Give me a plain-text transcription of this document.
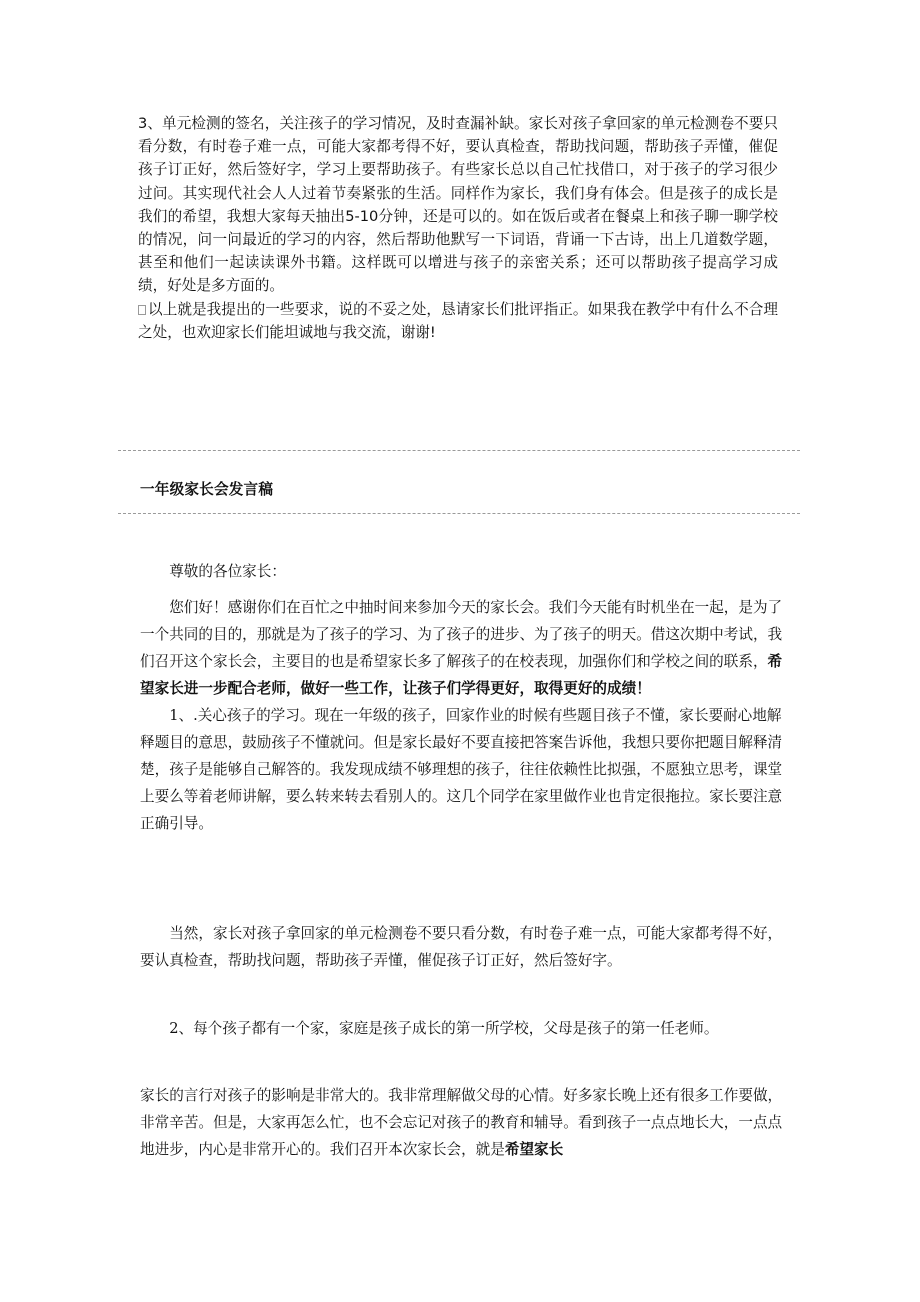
3、单元检测的签名，关注孩子的学习情况，及时查漏补缺。家长对孩子拿回家的单元检测卷不要只看分数，有时卷子难一点，可能大家都考得不好，要认真检查，帮助找问题，帮助孩子弄懂，催促孩子订正好，然后签好字，学习上要帮助孩子。有些家长总以自己忙找借口，对于孩子的学习很少过问。其实现代社会人人过着节奏紧张的生活。同样作为家长，我们身有体会。但是孩子的成长是我们的希望，我想大家每天抽出5-10分钟，还是可以的。如在饭后或者在餐桌上和孩子聊一聊学校的情况，问一问最近的学习的内容，然后帮助他默写一下词语，背诵一下古诗，出上几道数学题，甚至和他们一起读读课外书籍。这样既可以增进与孩子的亲密关系；还可以帮助孩子提高学习成绩，好处是多方面的。

以上就是我提出的一些要求，说的不妥之处，恳请家长们批评指正。如果我在教学中有什么不合理之处，也欢迎家长们能坦诚地与我交流，谢谢!

一年级家长会发言稿

尊敬的各位家长：

您们好！感谢你们在百忙之中抽时间来参加今天的家长会。我们今天能有时机坐在一起，是为了一个共同的目的，那就是为了孩子的学习、为了孩子的进步、为了孩子的明天。借这次期中考试，我们召开这个家长会，主要目的也是希望家长多了解孩子的在校表现，加强你们和学校之间的联系，希望家长进一步配合老师，做好一些工作，让孩子们学得更好，取得更好的成绩！

1、.关心孩子的学习。现在一年级的孩子，回家作业的时候有些题目孩子不懂，家长要耐心地解释题目的意思，鼓励孩子不懂就问。但是家长最好不要直接把答案告诉他，我想只要你把题目解释清楚，孩子是能够自己解答的。我发现成绩不够理想的孩子，往往依赖性比拟强，不愿独立思考，课堂上要么等着老师讲解，要么转来转去看别人的。这几个同学在家里做作业也肯定很拖拉。家长要注意正确引导。

当然，家长对孩子拿回家的单元检测卷不要只看分数，有时卷子难一点，可能大家都考得不好，要认真检查，帮助找问题，帮助孩子弄懂，催促孩子订正好，然后签好字。

2、每个孩子都有一个家，家庭是孩子成长的第一所学校，父母是孩子的第一任老师。

家长的言行对孩子的影响是非常大的。我非常理解做父母的心情。好多家长晚上还有很多工作要做，非常辛苦。但是，大家再怎么忙，也不会忘记对孩子的教育和辅导。看到孩子一点点地长大，一点点地进步，内心是非常开心的。我们召开本次家长会，就是希望家长
